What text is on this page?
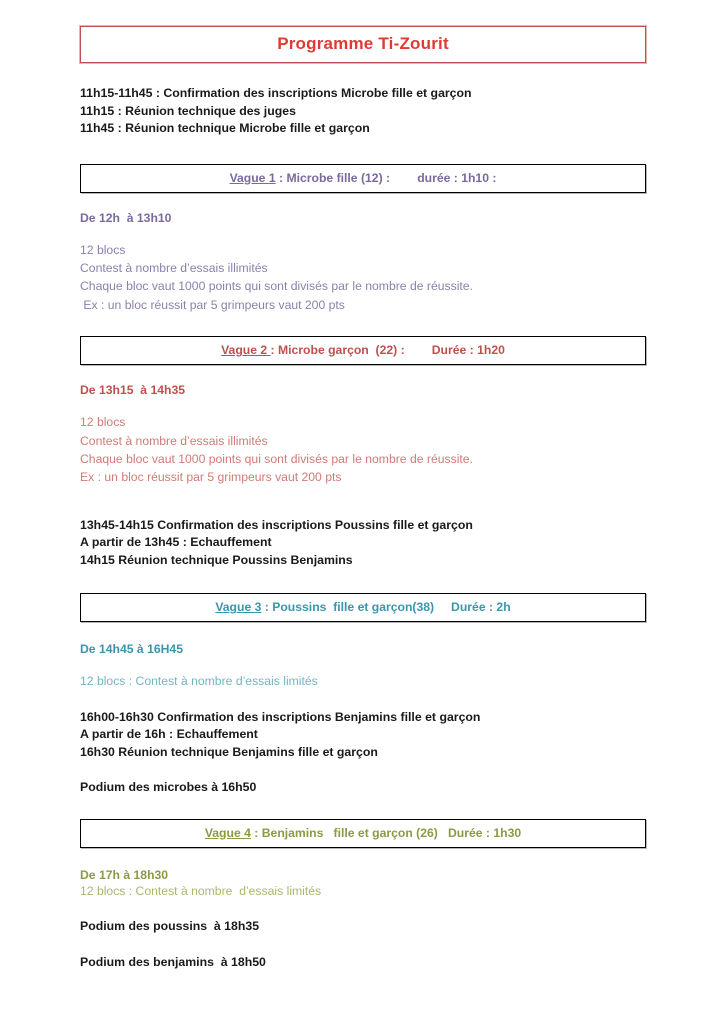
Programme Ti-Zourit
11h15-11h45 : Confirmation des inscriptions Microbe fille et garçon
11h15 : Réunion technique des juges
11h45 : Réunion technique Microbe fille et garçon
Vague 1 : Microbe fille (12) : durée : 1h10 :
De 12h  à 13h10
12 blocs
Contest à nombre d’essais illimités
Chaque bloc vaut 1000 points qui sont divisés par le nombre de réussite.
Ex : un bloc réussit par 5 grimpeurs vaut 200 pts
Vague 2 : Microbe garçon  (22) : Durée : 1h20
De 13h15  à 14h35
12 blocs
Contest à nombre d’essais illimités
Chaque bloc vaut 1000 points qui sont divisés par le nombre de réussite.
Ex : un bloc réussit par 5 grimpeurs vaut 200 pts
13h45-14h15 Confirmation des inscriptions Poussins fille et garçon
A partir de 13h45 : Echauffement
14h15 Réunion technique Poussins Benjamins
Vague 3 : Poussins  fille et garçon(38) Durée : 2h
De 14h45 à 16H45
12 blocs : Contest à nombre d’essais limités
16h00-16h30 Confirmation des inscriptions Benjamins fille et garçon
A partir de 16h : Echauffement
16h30 Réunion technique Benjamins fille et garçon
Podium des microbes à 16h50
Vague 4 : Benjamins   fille et garçon (26) Durée : 1h30
De 17h à 18h30
12 blocs : Contest à nombre  d’essais limités
Podium des poussins  à 18h35
Podium des benjamins  à 18h50
